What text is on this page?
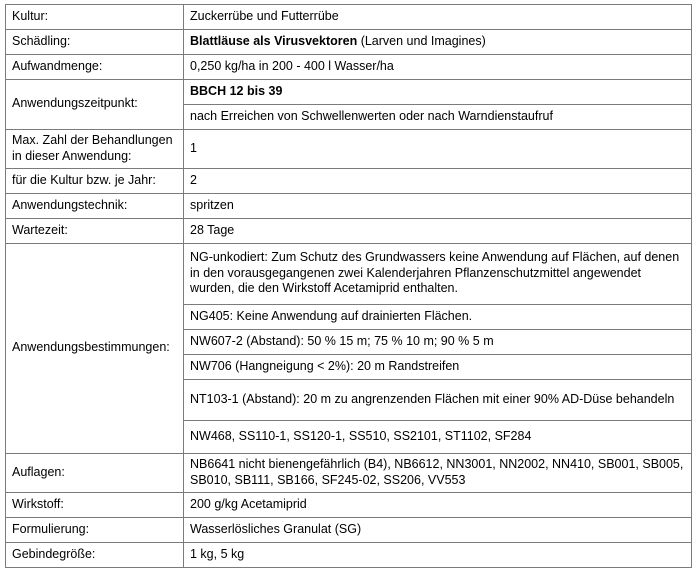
Kultur:	Zuckerrübe und Futterrübe
Schädling:	Blattläuse als Virusvektoren (Larven und Imagines)
Aufwandmenge:	0,250 kg/ha in 200 - 400 l Wasser/ha
Anwendungszeitpunkt:	BBCH 12 bis 39
	nach Erreichen von Schwellenwerten oder nach Warndienstaufruf
Max. Zahl der Behandlungen
in dieser Anwendung:	1
für die Kultur bzw. je Jahr:	2
Anwendungstechnik:	spritzen
Wartezeit:	28 Tage
Anwendungsbestimmungen:	NG-unkodiert: Zum Schutz des Grundwassers keine Anwendung auf Flächen, auf denen in den vorausgegangenen zwei Kalenderjahren Pflanzenschutzmittel angewendet wurden, die den Wirkstoff Acetamiprid enthalten.
	NG405: Keine Anwendung auf drainierten Flächen.
	NW607-2 (Abstand): 50 % 15 m; 75 % 10 m; 90 % 5 m
	NW706 (Hangneigung < 2%): 20 m Randstreifen
	NT103-1 (Abstand): 20 m zu angrenzenden Flächen mit einer 90% AD-Düse behandeln
	NW468, SS110-1, SS120-1, SS510, SS2101, ST1102, SF284
Auflagen:	NB6641 nicht bienengefährlich (B4), NB6612, NN3001, NN2002, NN410, SB001, SB005, SB010, SB111, SB166, SF245-02, SS206, VV553
Wirkstoff:	200 g/kg Acetamiprid
Formulierung:	Wasserlösliches Granulat (SG)
Gebindegröße:	1 kg, 5 kg
